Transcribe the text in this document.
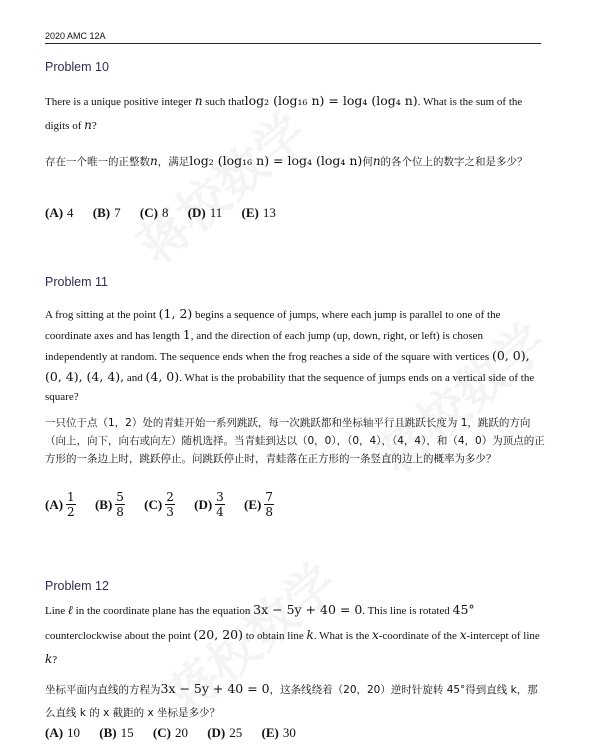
2020 AMC 12A
Problem 10
There is a unique positive integer n such thatlog₂ (log₁₆ n) = log₄ (log₄ n). What is the sum of the digits of n?
存在一个唯一的正整数n，满足log₂ (log₁₆ n) = log₄ (log₄ n)何n的各个位上的数字之和是多少？
(A) 4 (B) 7 (C) 8 (D) 11 (E) 13
Problem 11
A frog sitting at the point (1, 2) begins a sequence of jumps, where each jump is parallel to one of the coordinate axes and has length 1, and the direction of each jump (up, down, right, or left) is chosen independently at random. The sequence ends when the frog reaches a side of the square with vertices (0, 0), (0, 4), (4, 4), and (4, 0). What is the probability that the sequence of jumps ends on a vertical side of the square?
一只位于点（1，2）处的青蛙开始一系列跳跃，每一次跳跃都和坐标轴平行且跳跃长度为 1，跳跃的方向（向上，向下，向右或向左）随机选择。当青蛙到达以（0，0），（0，4），（4，4），和（4，0）为顶点的正方形的一条边上时，跳跃停止。问跳跃停止时，青蛙落在正方形的一条竖直的边上的概率为多少？
$(A) \frac{1}{2} (B) \frac{5}{8} (C) \frac{2}{3} (D) \frac{3}{4} (E) \frac{7}{8}$
Problem 12
Line ℓ in the coordinate plane has the equation 3x − 5y + 40 = 0. This line is rotated 45° counterclockwise about the point (20, 20) to obtain line k. What is the x-coordinate of the x-intercept of line k?
坐标平面内直线的方程为3x − 5y + 40 = 0，这条线绕着（20，20）逆时针旋转 45°得到直线 k，那么直线 k 的 x 截距的 x 坐标是多少？
(A) 10 (B) 15 (C) 20 (D) 25 (E) 30
